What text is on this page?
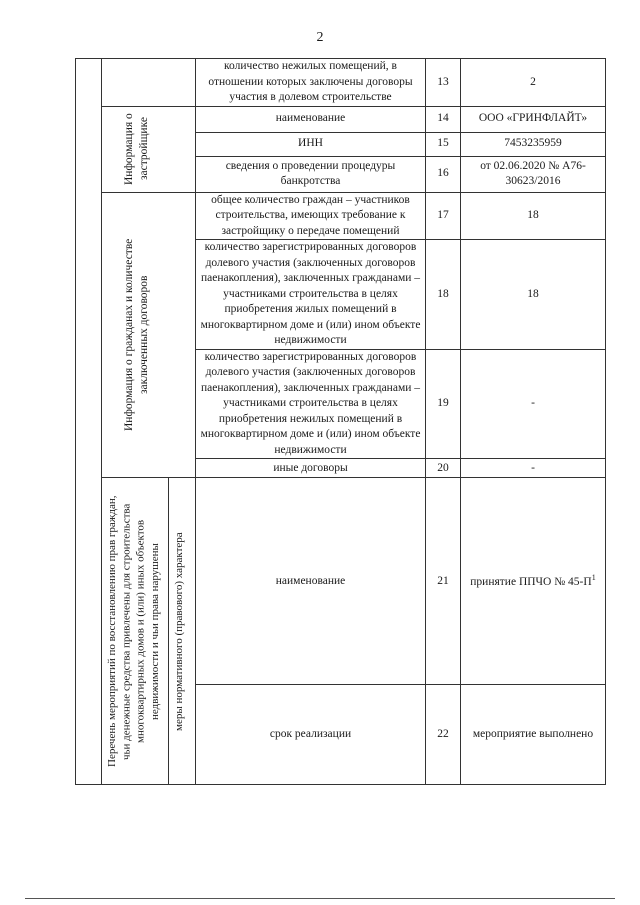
2
			количество нежилых помещений, в отношении которых заключены договоры участия в долевом строительстве	13	2

	Информация о застройщике		наименование	14	ООО «ГРИНФЛАЙТ»
			ИНН	15	7453235959
			сведения о проведении процедуры банкротства	16	от 02.06.2020 № А76-30623/2016

	Информация о гражданах и количестве заключенных договоров		общее количество граждан – участников строительства, имеющих требование к застройщику о передаче помещений	17	18
			количество зарегистрированных договоров долевого участия (заключенных договоров паенакопления), заключенных гражданами – участниками строительства в целях приобретения жилых помещений в многоквартирном доме и (или) ином объекте недвижимости	18	18
			количество зарегистрированных договоров долевого участия (заключенных договоров паенакопления), заключенных гражданами – участниками строительства в целях приобретения нежилых помещений в многоквартирном доме и (или) ином объекте недвижимости	19	-
			иные договоры	20	-

	Перечень мероприятий по восстановлению прав граждан, чьи денежные средства привлечены для строительства многоквартирных домов и (или) иных объектов недвижимости и чьи права нарушены	меры нормативного (правового) характера	наименование	21	принятие ППЧО № $45-П^1$
			срок реализации	22	мероприятие выполнено
